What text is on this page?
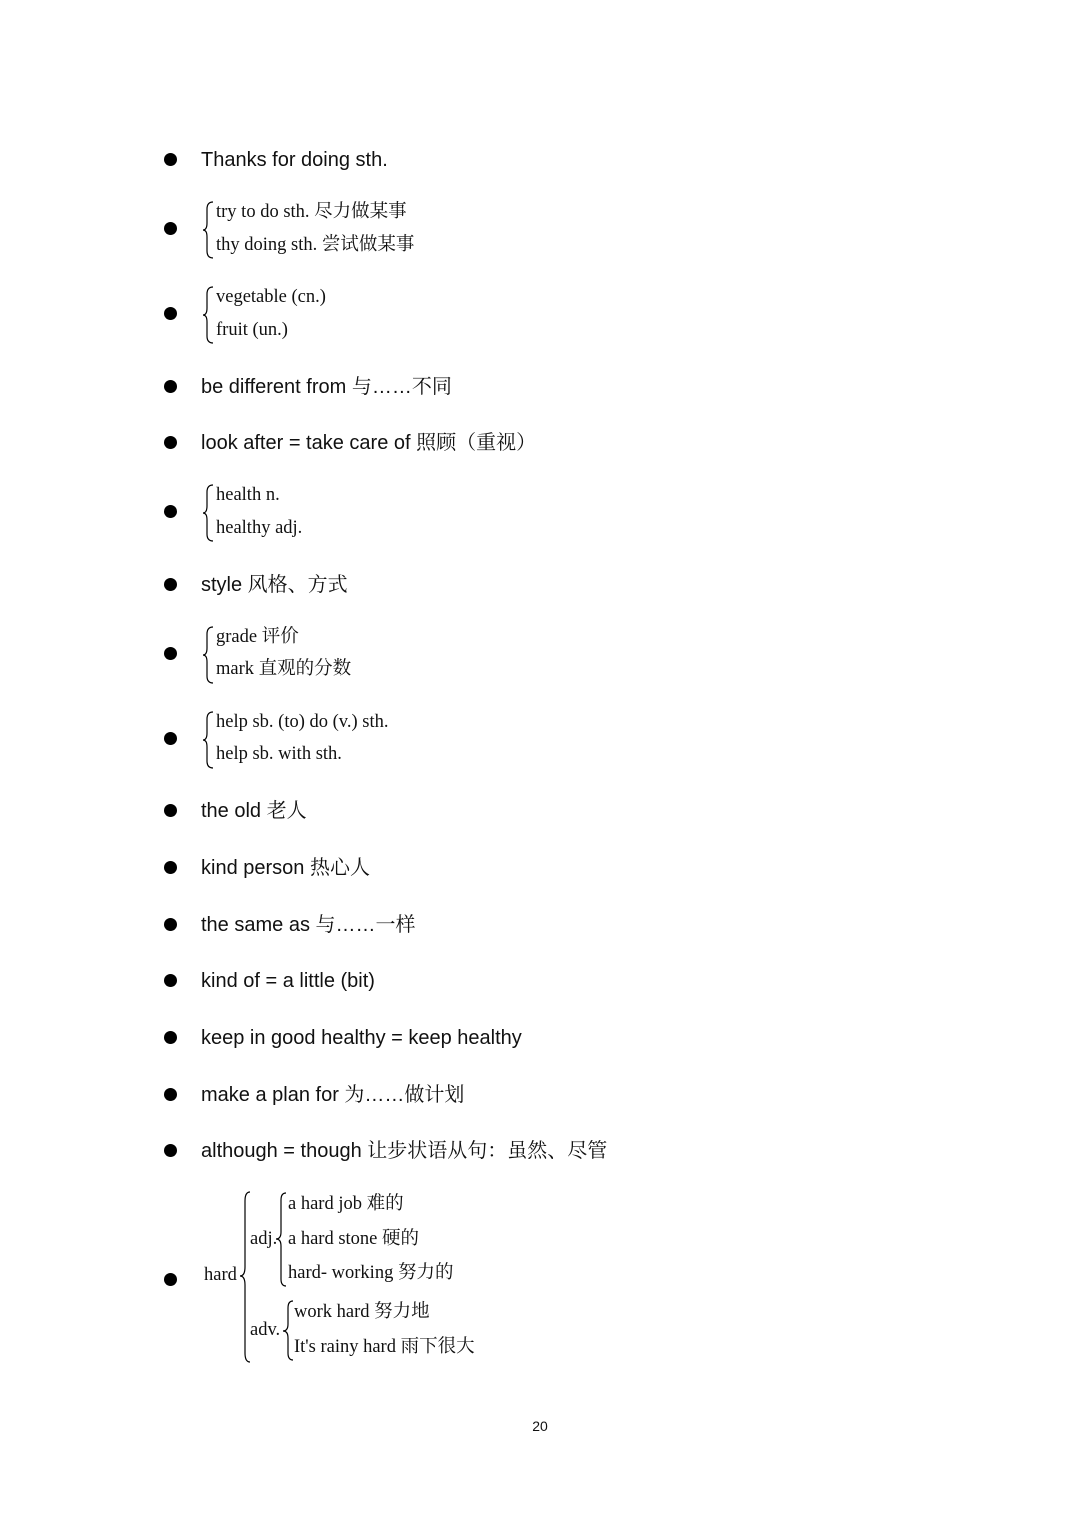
Thanks for doing sth.
try to do sth. 尽力做某事
thy doing sth. 尝试做某事
vegetable (cn.)
fruit (un.)
be different from 与……不同
look after = take care of 照顾（重视）
health n.
healthy adj.
style 风格、方式
grade 评价
mark 直观的分数
help sb. (to) do (v.) sth.
help sb. with sth.
the old 老人
kind person 热心人
the same as 与……一样
kind of = a little (bit)
keep in good healthy = keep healthy
make a plan for 为……做计划
although = though 让步状语从句：虽然、尽管
hard
adj.
a hard job 难的
a hard stone 硬的
hard- working 努力的
adv.
work hard 努力地
It's rainy hard 雨下很大
20
